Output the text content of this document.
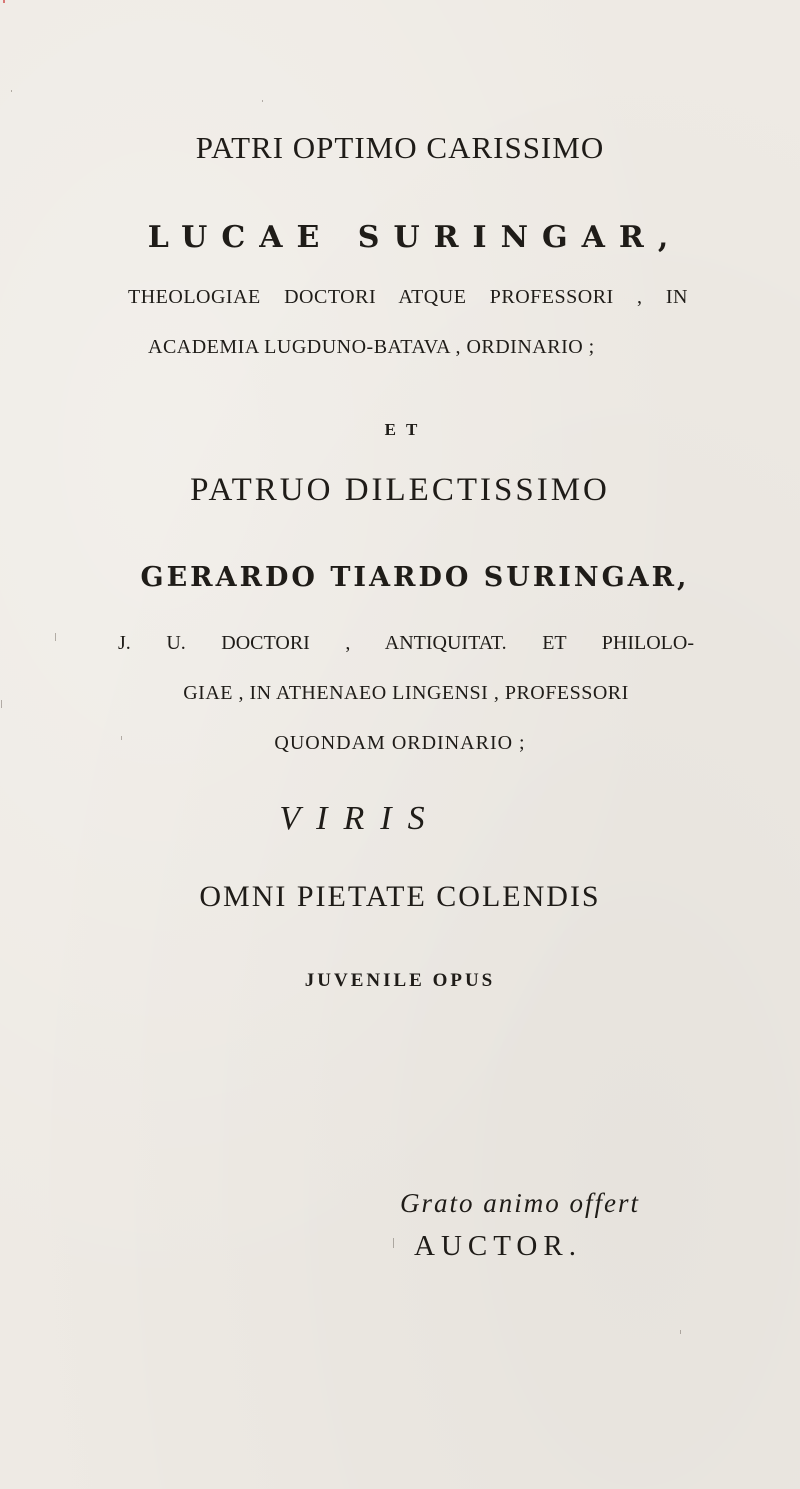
PATRI OPTIMO CARISSIMO
LUCAE SURINGAR,
THEOLOGIAE DOCTORI ATQUE PROFESSORI , IN
ACADEMIA LUGDUNO-BATAVA , ORDINARIO ;
ET
PATRUO DILECTISSIMO
GERARDO TIARDO SURINGAR,
J. U. DOCTORI , ANTIQUITAT. ET PHILOLO-
GIAE , IN ATHENAEO LINGENSI , PROFESSORI
QUONDAM ORDINARIO ;
VIRIS
OMNI PIETATE COLENDIS
JUVENILE OPUS
Grato animo offert
AUCTOR.
